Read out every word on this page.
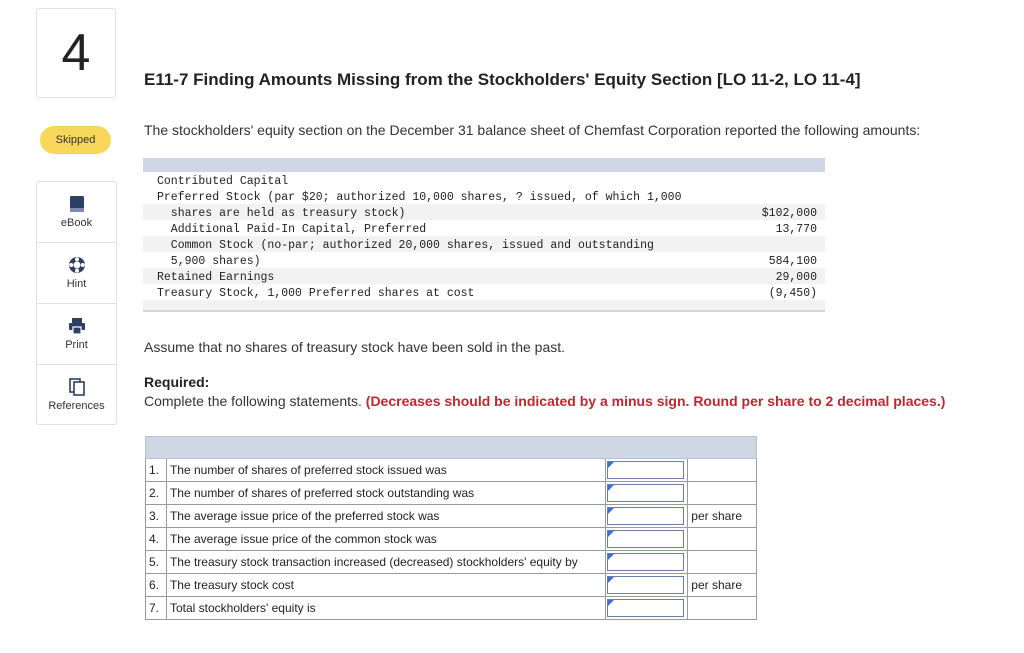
4
Skipped
eBook
Hint
Print
References
E11-7 Finding Amounts Missing from the Stockholders' Equity Section [LO 11-2, LO 11-4]
The stockholders' equity section on the December 31 balance sheet of Chemfast Corporation reported the following amounts:
Contributed Capital
Preferred Stock (par $20; authorized 10,000 shares, ? issued, of which 1,000
shares are held as treasury stock)	$102,000
Additional Paid-In Capital, Preferred	13,770
Common Stock (no-par; authorized 20,000 shares, issued and outstanding
5,900 shares)	584,100
Retained Earnings	29,000
Treasury Stock, 1,000 Preferred shares at cost	(9,450)
Assume that no shares of treasury stock have been sold in the past.
Required:
Complete the following statements. (Decreases should be indicated by a minus sign. Round per share to 2 decimal places.)

1.	The number of shares of preferred stock issued was	

2.	The number of shares of preferred stock outstanding was	

3.	The average issue price of the preferred stock was		per share
4.	The average issue price of the common stock was	

5.	The treasury stock transaction increased (decreased) stockholders' equity by	

6.	The treasury stock cost		per share
7.	Total stockholders' equity is	
